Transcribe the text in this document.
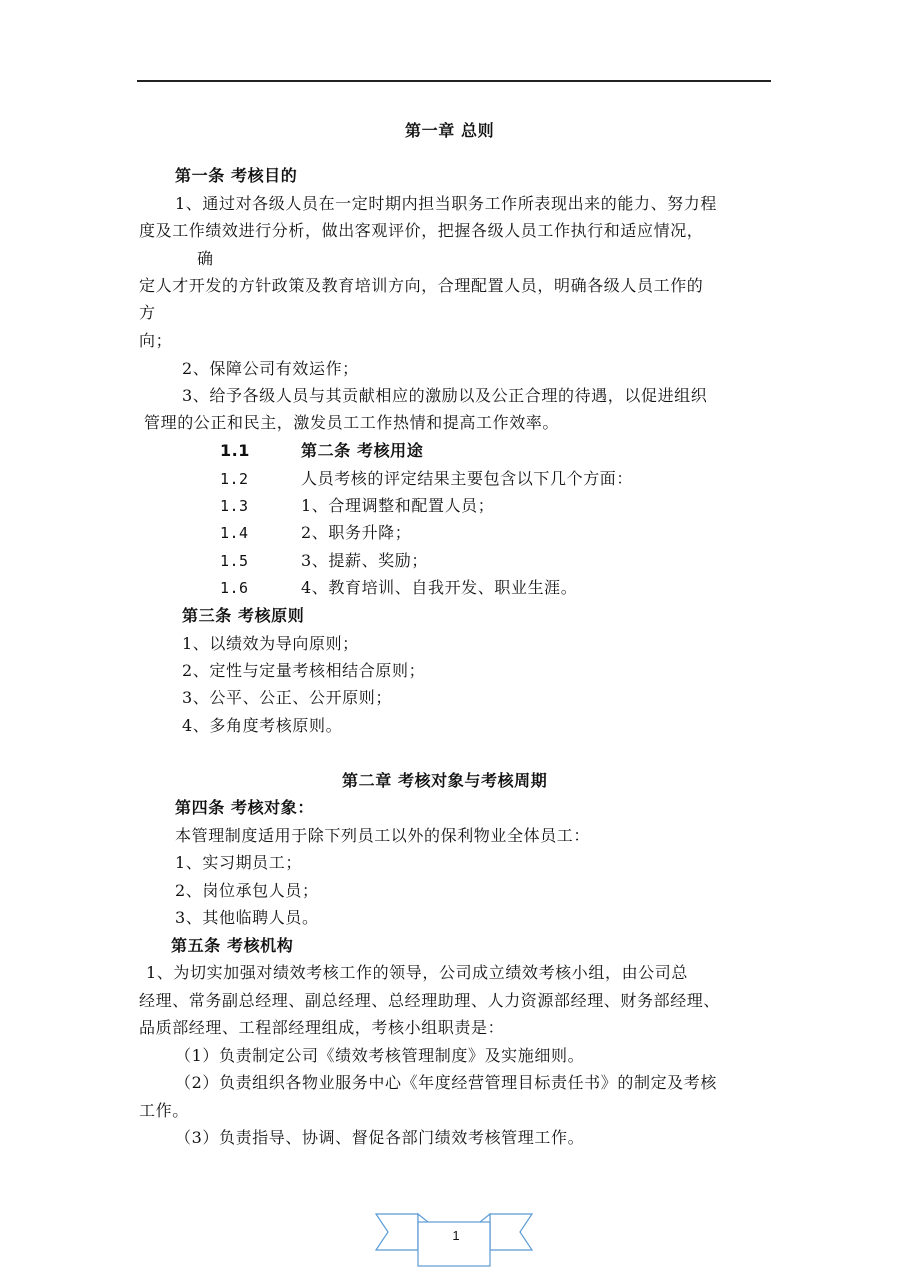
第一章 总则
第一条 考核目的
1、通过对各级人员在一定时期内担当职务工作所表现出来的能力、努力程
度及工作绩效进行分析，做出客观评价，把握各级人员工作执行和适应情况，
确
定人才开发的方针政策及教育培训方向，合理配置人员，明确各级人员工作的
方
向；
2、保障公司有效运作；
3、给予各级人员与其贡献相应的激励以及公正合理的待遇，以促进组织
管理的公正和民主，激发员工工作热情和提高工作效率。
1.1	第二条 考核用途
1.2	人员考核的评定结果主要包含以下几个方面：
1.3	1、合理调整和配置人员；
1.4	2、职务升降；
1.5	3、提薪、奖励；
1.6	4、教育培训、自我开发、职业生涯。
第三条 考核原则
1、以绩效为导向原则；
2、定性与定量考核相结合原则；
3、公平、公正、公开原则；
4、多角度考核原则。
第二章 考核对象与考核周期
第四条 考核对象：
本管理制度适用于除下列员工以外的保利物业全体员工：
1、实习期员工；
2、岗位承包人员；
3、其他临聘人员。
第五条 考核机构
1、为切实加强对绩效考核工作的领导，公司成立绩效考核小组，由公司总
经理、常务副总经理、副总经理、总经理助理、人力资源部经理、财务部经理、
品质部经理、工程部经理组成，考核小组职责是：
（1）负责制定公司《绩效考核管理制度》及实施细则。
（2）负责组织各物业服务中心《年度经营管理目标责任书》的制定及考核
工作。
（3）负责指导、协调、督促各部门绩效考核管理工作。
1
